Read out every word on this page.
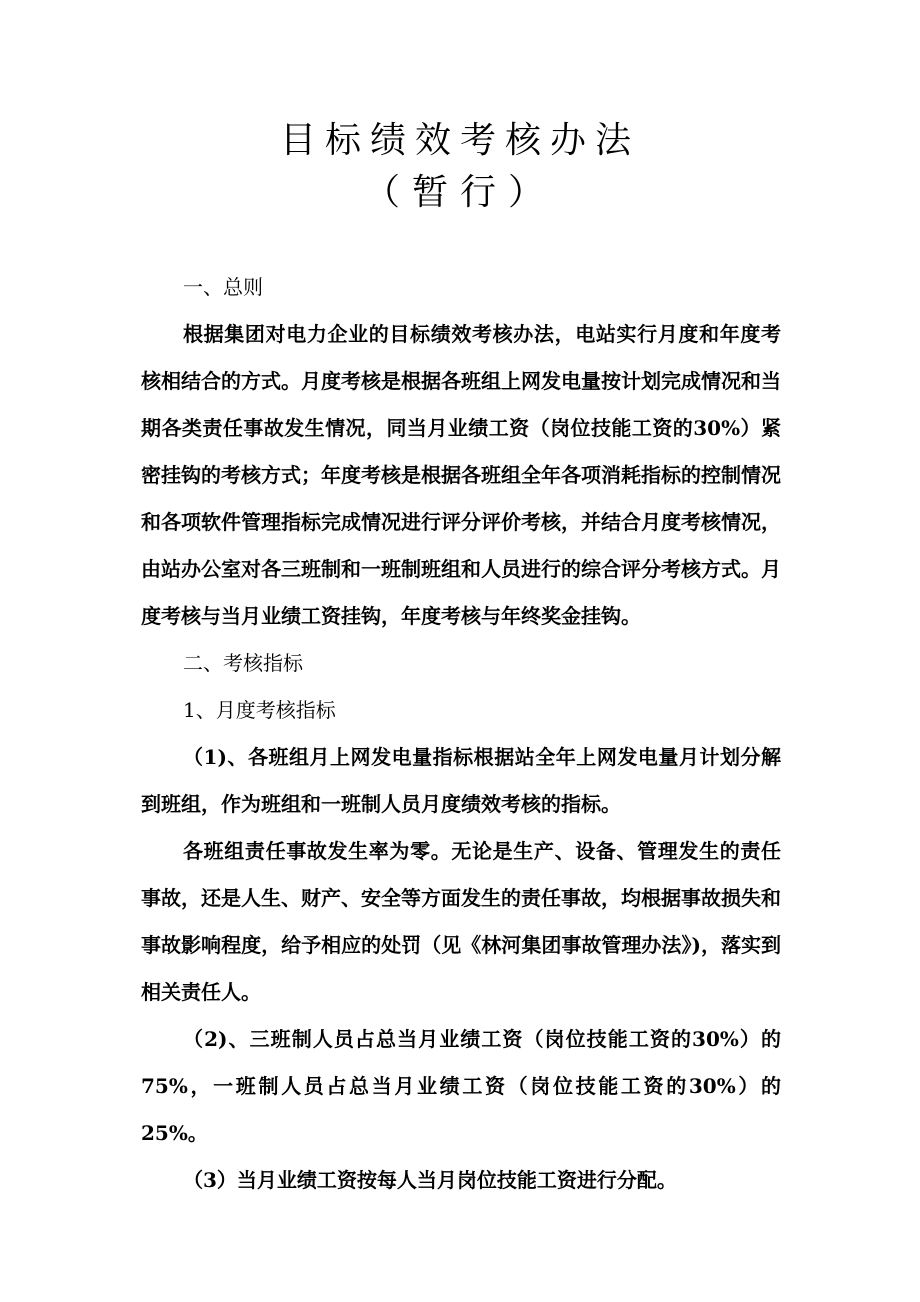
目标绩效考核办法
（暂行）

一、总则

根据集团对电力企业的目标绩效考核办法，电站实行月度和年度考核相结合的方式。月度考核是根据各班组上网发电量按计划完成情况和当期各类责任事故发生情况，同当月业绩工资（岗位技能工资的30%）紧密挂钩的考核方式；年度考核是根据各班组全年各项消耗指标的控制情况和各项软件管理指标完成情况进行评分评价考核，并结合月度考核情况，由站办公室对各三班制和一班制班组和人员进行的综合评分考核方式。月度考核与当月业绩工资挂钩，年度考核与年终奖金挂钩。

二、考核指标

1、月度考核指标

（1)、各班组月上网发电量指标根据站全年上网发电量月计划分解到班组，作为班组和一班制人员月度绩效考核的指标。

各班组责任事故发生率为零。无论是生产、设备、管理发生的责任事故，还是人生、财产、安全等方面发生的责任事故，均根据事故损失和事故影响程度，给予相应的处罚（见《林河集团事故管理办法》)，落实到相关责任人。

（2)、三班制人员占总当月业绩工资（岗位技能工资的30%）的75%，一班制人员占总当月业绩工资（岗位技能工资的30%）的25%。

（3）当月业绩工资按每人当月岗位技能工资进行分配。
